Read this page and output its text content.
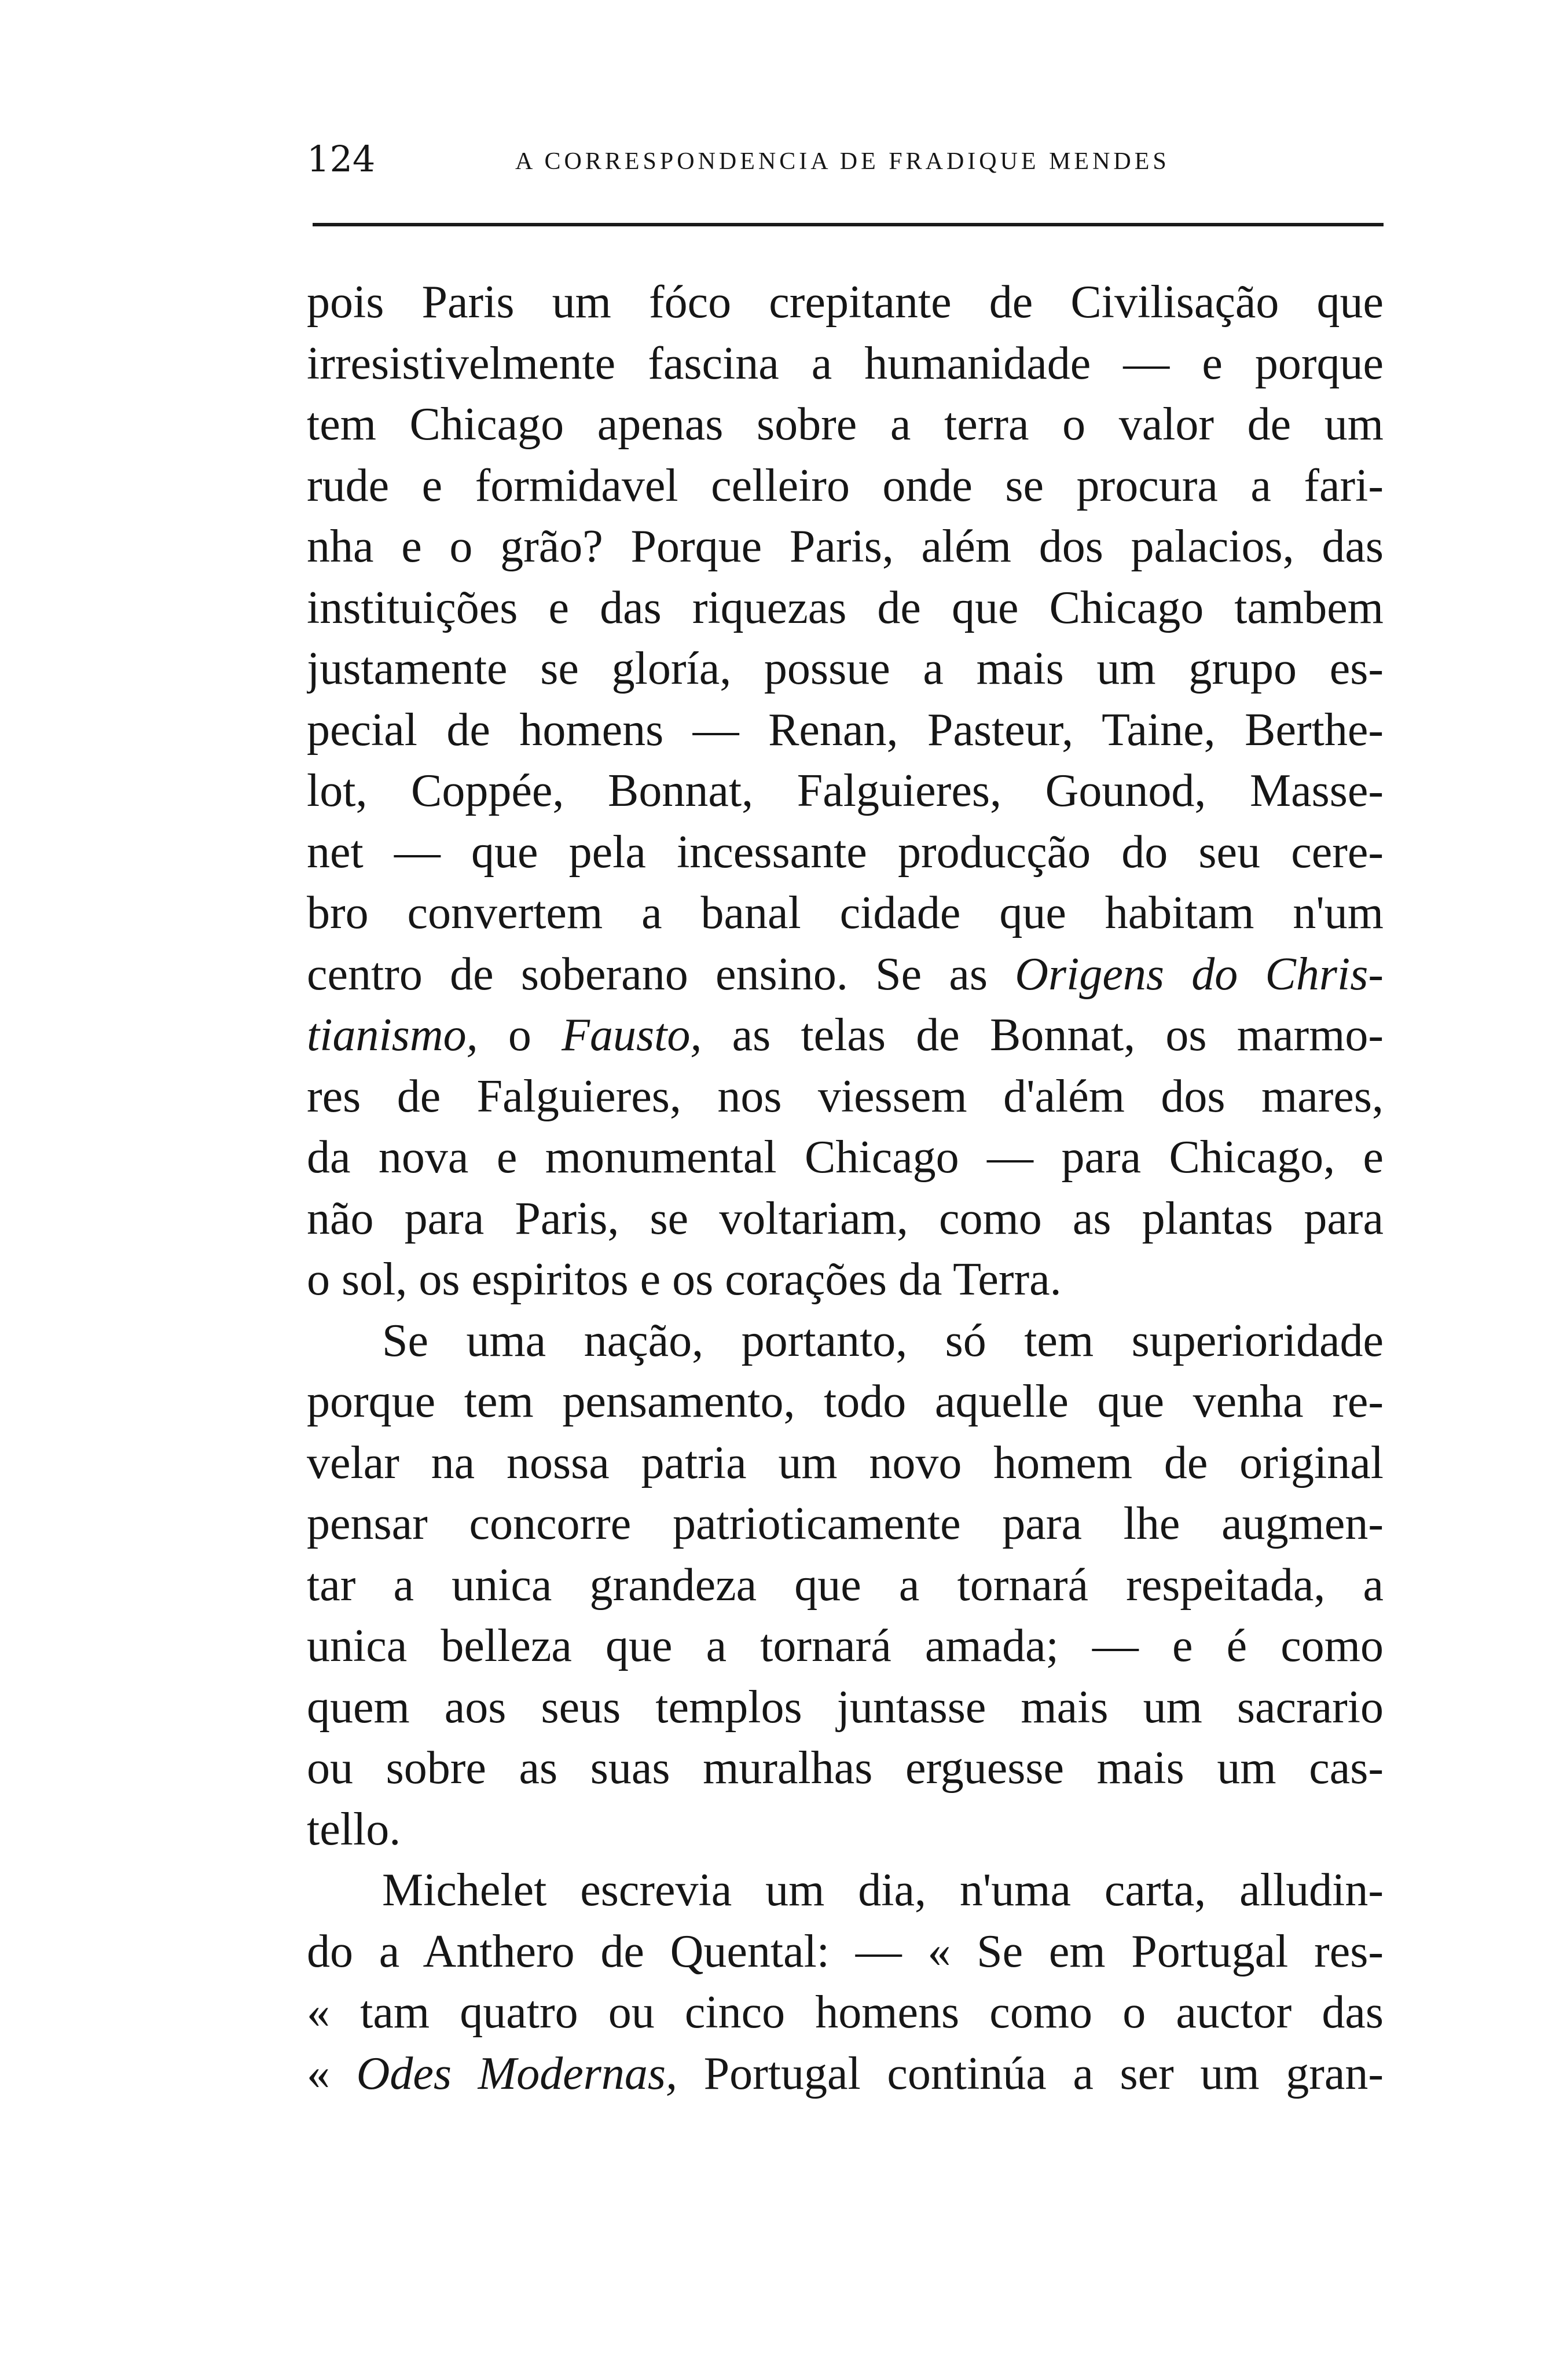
124	A CORRESPONDENCIA DE FRADIQUE MENDES
pois Paris um fóco crepitante de Civilisação que
irresistivelmente fascina a humanidade — e porque
tem Chicago apenas sobre a terra o valor de um
rude e formidavel celleiro onde se procura a fari-
nha e o grão? Porque Paris, além dos palacios, das
instituições e das riquezas de que Chicago tambem
justamente se gloría, possue a mais um grupo es-
pecial de homens — Renan, Pasteur, Taine, Berthe-
lot, Coppée, Bonnat, Falguieres, Gounod, Masse-
net — que pela incessante producção do seu cere-
bro convertem a banal cidade que habitam n'um
centro de soberano ensino. Se as Origens do Chris-
tianismo, o Fausto, as telas de Bonnat, os marmo-
res de Falguieres, nos viessem d'além dos mares,
da nova e monumental Chicago — para Chicago, e
não para Paris, se voltariam, como as plantas para
o sol, os espiritos e os corações da Terra.
Se uma nação, portanto, só tem superioridade
porque tem pensamento, todo aquelle que venha re-
velar na nossa patria um novo homem de original
pensar concorre patrioticamente para lhe augmen-
tar a unica grandeza que a tornará respeitada, a
unica belleza que a tornará amada; — e é como
quem aos seus templos juntasse mais um sacrario
ou sobre as suas muralhas erguesse mais um cas-
tello.
Michelet escrevia um dia, n'uma carta, alludin-
do a Anthero de Quental: — « Se em Portugal res-
« tam quatro ou cinco homens como o auctor das
« Odes Modernas, Portugal continúa a ser um gran-
